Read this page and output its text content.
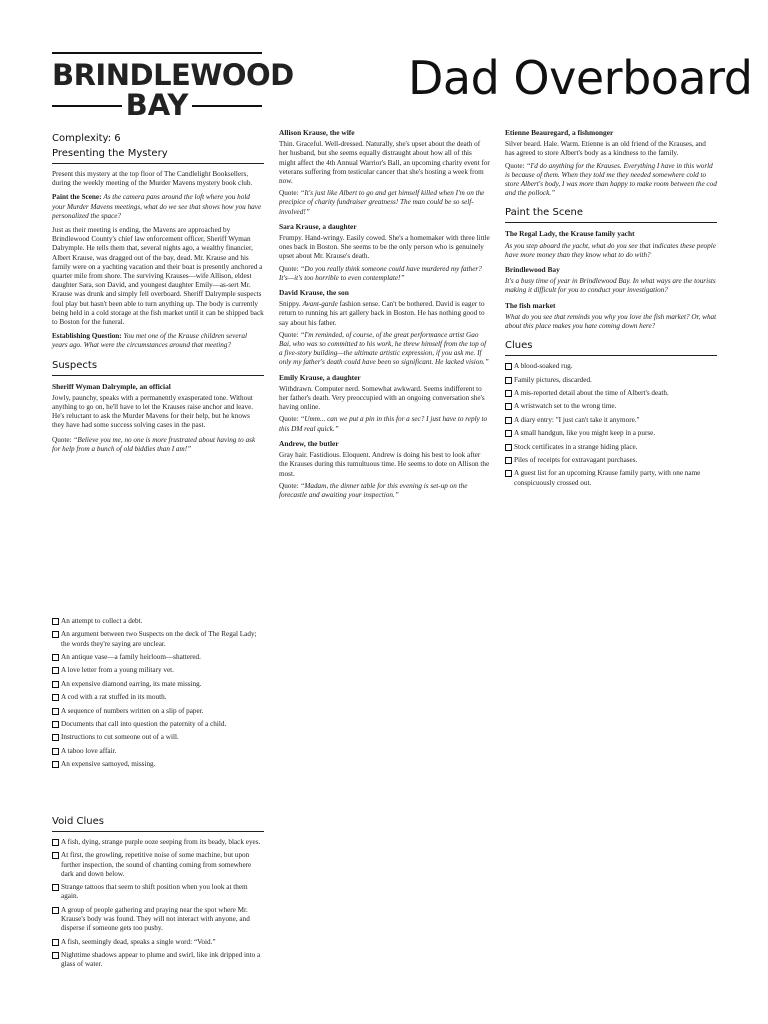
BRINDLEWOOD
BAY	Dad Overboard
Complexity: 6
Presenting the Mystery

Present this mystery at the top floor of The Candlelight Booksellers, during the weekly meeting of the Murder Mavens mystery book club.

Paint the Scene: As the camera pans around the loft where you hold your Murder Mavens meetings, what do we see that shows how you have personalized the space?

Just as their meeting is ending, the Mavens are approached by Brindlewood County's chief law enforcement officer, Sheriff Wyman Dalrymple. He tells them that, several nights ago, a wealthy financier, Albert Krause, was dragged out of the bay, dead. Mr. Krause and his family were on a yachting vacation and their boat is presently anchored a quarter mile from shore. The surviving Krauses—wife Allison, eldest daughter Sara, son David, and youngest daughter Emily—as-sert Mr. Krause was drunk and simply fell overboard. Sheriff Dalrymple suspects foul play but hasn't been able to turn anything up. The body is currently being held in a cold storage at the fish market until it can be shipped back to Boston for the funeral.

Establishing Question: You met one of the Krause children several years ago. What were the circumstances around that meeting?

Suspects
Sheriff Wyman Dalrymple, an official

Jowly, paunchy, speaks with a permanently exasperated tone. Without anything to go on, he'll have to let the Krauses raise anchor and leave. He's reluctant to ask the Murder Mavens for their help, but he knows they have had some success solving cases in the past.

Quote: “Believe you me, no one is more frustrated about having to ask for help from a bunch of old biddies than I am!”

Allison Krause, the wife

Thin. Graceful. Well-dressed. Naturally, she's upset about the death of her husband, but she seems equally distraught about how all of this might affect the 4th Annual Warrior's Ball, an upcoming charity event for veterans suffering from testicular cancer that she's hosting a week from now.

Quote: “It's just like Albert to go and get himself killed when I'm on the precipice of charity fundraiser greatness! The man could be so self-involved!”

Sara Krause, a daughter

Frumpy. Hand-wringy. Easily cowed. She's a homemaker with three little ones back in Boston. She seems to be the only person who is genuinely upset about Mr. Krause's death.

Quote: “Do you really think someone could have murdered my father? It's—it's too horrible to even contemplate!”

David Krause, the son

Snippy. Avant-garde fashion sense. Can't be bothered. David is eager to return to running his art gallery back in Boston. He has nothing good to say about his father.

Quote: “I'm reminded, of course, of the great performance artist Gao Bai, who was so committed to his work, he threw himself from the top of a five-story building—the ultimate artistic expression, if you ask me. If only my father's death could have been so significant. He lacked vision.”

Emily Krause, a daughter

Withdrawn. Computer nerd. Somewhat awkward. Seems indifferent to her father's death. Very preoccupied with an ongoing conversation she's having online.

Quote: “Umm... can we put a pin in this for a sec? I just have to reply to this DM real quick.”

Andrew, the butler

Gray hair. Fastidious. Eloquent. Andrew is doing his best to look after the Krauses during this tumultuous time. He seems to dote on Allison the most.

Quote: “Madam, the dinner table for this evening is set-up on the forecastle and awaiting your inspection.”

Etienne Beauregard, a fishmonger

Silver beard. Hale. Warm. Etienne is an old friend of the Krauses, and has agreed to store Albert's body as a kindness to the family.

Quote: “I'd do anything for the Krauses. Everything I have in this world is because of them. When they told me they needed somewhere cold to store Albert's body, I was more than happy to make room between the cod and the pollock.”

Paint the Scene
The Regal Lady, the Krause family yacht

As you step aboard the yacht, what do you see that indicates these people have more money than they know what to do with?

Brindlewood Bay

It's a busy time of year in Brindlewood Bay. In what ways are the tourists making it difficult for you to conduct your investigation?

The fish market

What do you see that reminds you why you love the fish market? Or, what about this place makes you hate coming down here?

Clues
A blood-soaked rug.
Family pictures, discarded.
A mis-reported detail about the time of Albert's death.
A wristwatch set to the wrong time.
A diary entry: "I just can't take it anymore."
A small handgun, like you might keep in a purse.
Stock certificates in a strange hiding place.
Piles of receipts for extravagant purchases.
A guest list for an upcoming Krause family party, with one name conspicuously crossed out.
An attempt to collect a debt.
An argument between two Suspects on the deck of The Regal Lady; the words they're saying are unclear.
An antique vase—a family heirloom—shattered.
A love letter from a young military vet.
An expensive diamond earring, its mate missing.
A cod with a rat stuffed in its mouth.
A sequence of numbers written on a slip of paper.
Documents that call into question the paternity of a child.
Instructions to cut someone out of a will.
A taboo love affair.
An expensive samoyed, missing.
Void Clues
A fish, dying, strange purple ooze seeping from its beady, black eyes.
At first, the growling, repetitive noise of some machine, but upon further inspection, the sound of chanting coming from somewhere dark and down below.
Strange tattoos that seem to shift position when you look at them again.
A group of people gathering and praying near the spot where Mr. Krause's body was found. They will not interact with anyone, and disperse if someone gets too pushy.
A fish, seemingly dead, speaks a single word: “Void.”
Nighttime shadows appear to plume and swirl, like ink dripped into a glass of water.
